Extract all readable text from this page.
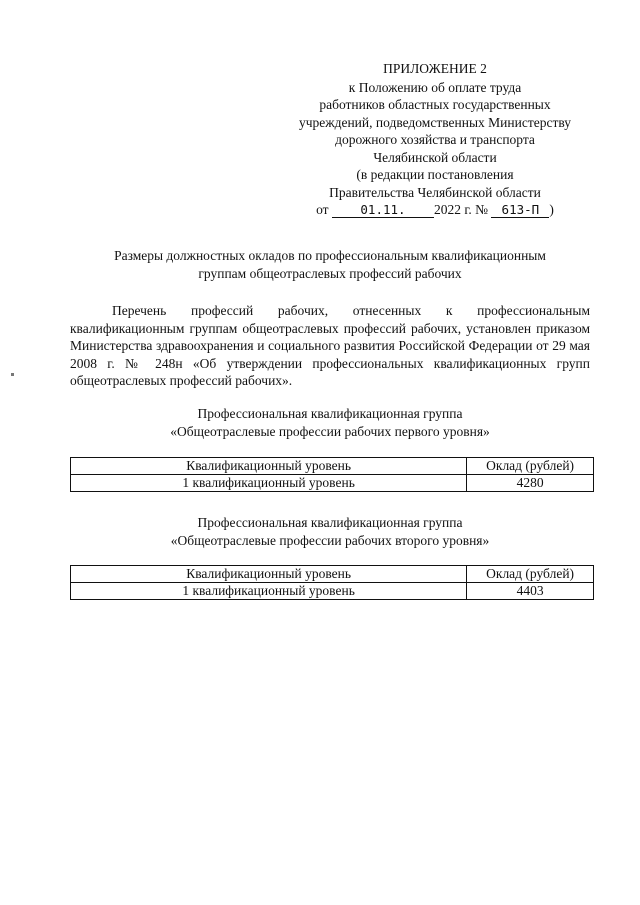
ПРИЛОЖЕНИЕ 2
к Положению об оплате труда
работников областных государственных
учреждений, подведомственных Министерству
дорожного хозяйства и транспорта
Челябинской области
(в редакции постановления
Правительства Челябинской области
от	01.11. 2022 г. № 613-П )
Размеры должностных окладов по профессиональным квалификационным
группам общеотраслевых профессий рабочих
Перечень профессий рабочих, отнесенных к профессиональным квалификационным группам общеотраслевых профессий рабочих, установлен приказом Министерства здравоохранения и социального развития Российской Федерации от 29 мая 2008 г. № 248н «Об утверждении профессиональных квалификационных групп общеотраслевых профессий рабочих».
Профессиональная квалификационная группа
«Общеотраслевые профессии рабочих первого уровня»
Квалификационный уровень	Оклад (рублей)
1 квалификационный уровень	4280
Профессиональная квалификационная группа
«Общеотраслевые профессии рабочих второго уровня»
Квалификационный уровень	Оклад (рублей)
1 квалификационный уровень	4403
